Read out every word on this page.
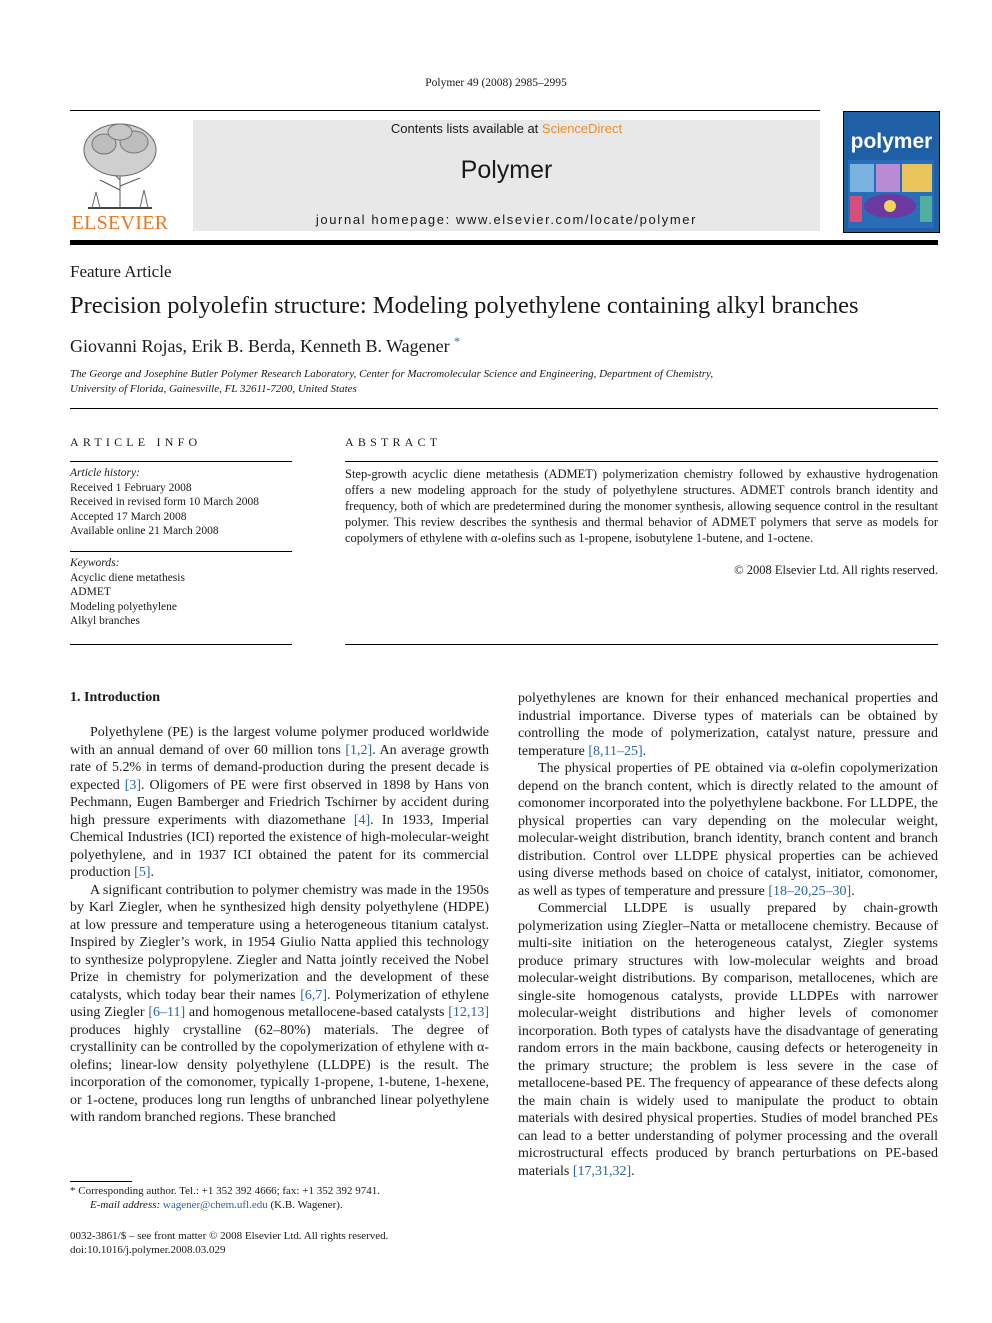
Polymer 49 (2008) 2985–2995
ELSEVIER
Contents lists available at ScienceDirect
Polymer
journal homepage: www.elsevier.com/locate/polymer
polymer
Feature Article
Precision polyolefin structure: Modeling polyethylene containing alkyl branches
Giovanni Rojas, Erik B. Berda, Kenneth B. Wagener *
The George and Josephine Butler Polymer Research Laboratory, Center for Macromolecular Science and Engineering, Department of Chemistry,
University of Florida, Gainesville, FL 32611-7200, United States
ARTICLE INFO
Article history:
Received 1 February 2008
Received in revised form 10 March 2008
Accepted 17 March 2008
Available online 21 March 2008
Keywords:
Acyclic diene metathesis
ADMET
Modeling polyethylene
Alkyl branches
ABSTRACT
Step-growth acyclic diene metathesis (ADMET) polymerization chemistry followed by exhaustive hydrogenation offers a new modeling approach for the study of polyethylene structures. ADMET controls branch identity and frequency, both of which are predetermined during the monomer synthesis, allowing sequence control in the resultant polymer. This review describes the synthesis and thermal behavior of ADMET polymers that serve as models for copolymers of ethylene with α-olefins such as 1-propene, isobutylene 1-butene, and 1-octene.
© 2008 Elsevier Ltd. All rights reserved.
1. Introduction

Polyethylene (PE) is the largest volume polymer produced worldwide with an annual demand of over 60 million tons [1,2]. An average growth rate of 5.2% in terms of demand-production during the present decade is expected [3]. Oligomers of PE were first observed in 1898 by Hans von Pechmann, Eugen Bamberger and Friedrich Tschirner by accident during high pressure experiments with diazomethane [4]. In 1933, Imperial Chemical Industries (ICI) reported the existence of high-molecular-weight polyethylene, and in 1937 ICI obtained the patent for its commercial production [5].

A significant contribution to polymer chemistry was made in the 1950s by Karl Ziegler, when he synthesized high density polyethylene (HDPE) at low pressure and temperature using a heterogeneous titanium catalyst. Inspired by Ziegler’s work, in 1954 Giulio Natta applied this technology to synthesize polypropylene. Ziegler and Natta jointly received the Nobel Prize in chemistry for polymerization and the development of these catalysts, which today bear their names [6,7]. Polymerization of ethylene using Ziegler [6–11] and homogenous metallocene-based catalysts [12,13] produces highly crystalline (62–80%) materials. The degree of crystallinity can be controlled by the copolymerization of ethylene with α-olefins; linear-low density polyethylene (LLDPE) is the result. The incorporation of the comonomer, typically 1-propene, 1-butene, 1-hexene, or 1-octene, produces long run lengths of unbranched linear polyethylene with random branched regions. These branched

polyethylenes are known for their enhanced mechanical properties and industrial importance. Diverse types of materials can be obtained by controlling the mode of polymerization, catalyst nature, pressure and temperature [8,11–25].

The physical properties of PE obtained via α-olefin copolymerization depend on the branch content, which is directly related to the amount of comonomer incorporated into the polyethylene backbone. For LLDPE, the physical properties can vary depending on the molecular weight, molecular-weight distribution, branch identity, branch content and branch distribution. Control over LLDPE physical properties can be achieved using diverse methods based on choice of catalyst, initiator, comonomer, as well as types of temperature and pressure [18–20,25–30].

Commercial LLDPE is usually prepared by chain-growth polymerization using Ziegler–Natta or metallocene chemistry. Because of multi-site initiation on the heterogeneous catalyst, Ziegler systems produce primary structures with low-molecular weights and broad molecular-weight distributions. By comparison, metallocenes, which are single-site homogenous catalysts, provide LLDPEs with narrower molecular-weight distributions and higher levels of comonomer incorporation. Both types of catalysts have the disadvantage of generating random errors in the main backbone, causing defects or heterogeneity in the primary structure; the problem is less severe in the case of metallocene-based PE. The frequency of appearance of these defects along the main chain is widely used to manipulate the product to obtain materials with desired physical properties. Studies of model branched PEs can lead to a better understanding of polymer processing and the overall microstructural effects produced by branch perturbations on PE-based materials [17,31,32].

* Corresponding author. Tel.: +1 352 392 4666; fax: +1 352 392 9741.
E-mail address: wagener@chem.ufl.edu (K.B. Wagener).
0032-3861/$ – see front matter © 2008 Elsevier Ltd. All rights reserved.
doi:10.1016/j.polymer.2008.03.029
